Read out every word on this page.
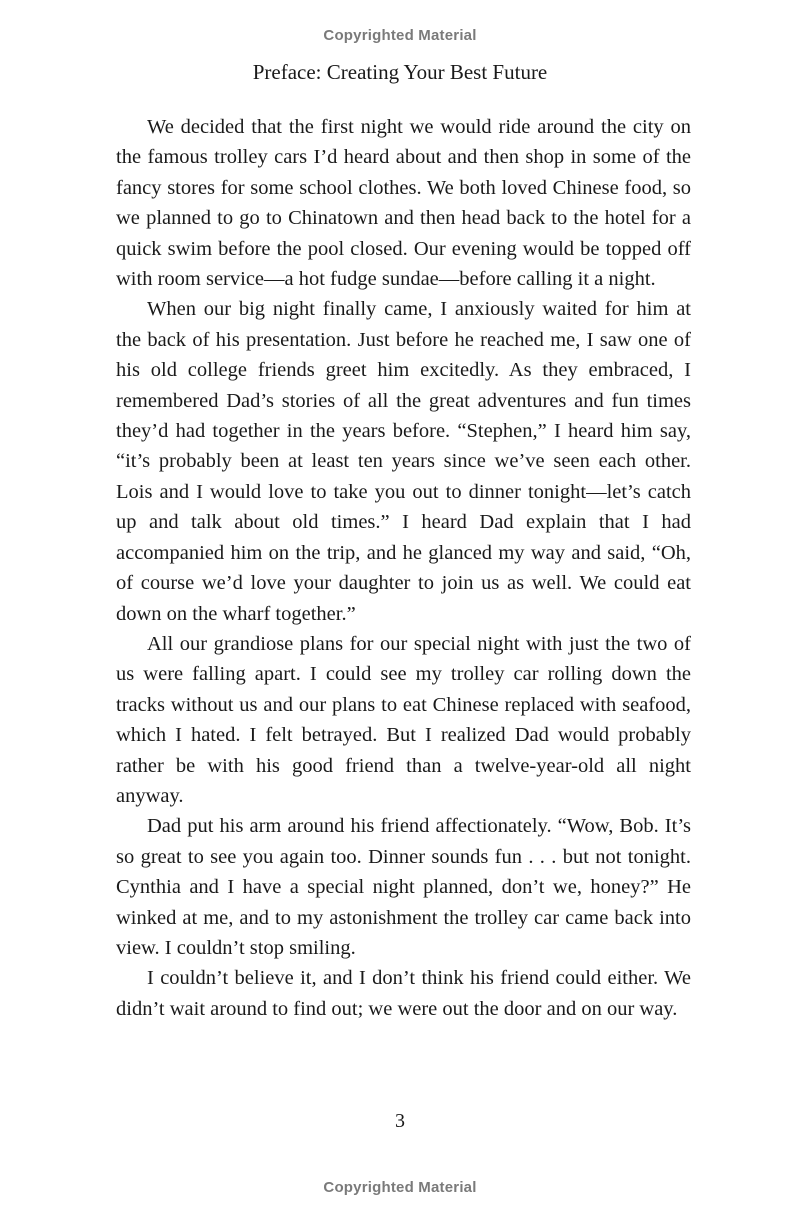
Copyrighted Material
Preface: Creating Your Best Future

We decided that the first night we would ride around the city on the famous trolley cars I’d heard about and then shop in some of the fancy stores for some school clothes. We both loved Chinese food, so we planned to go to Chinatown and then head back to the hotel for a quick swim before the pool closed. Our evening would be topped off with room service—a hot fudge sundae—before calling it a night.

When our big night finally came, I anxiously waited for him at the back of his presentation. Just before he reached me, I saw one of his old college friends greet him excitedly. As they embraced, I remembered Dad’s stories of all the great adventures and fun times they’d had together in the years before. “Stephen,” I heard him say, “it’s probably been at least ten years since we’ve seen each other. Lois and I would love to take you out to dinner tonight—let’s catch up and talk about old times.” I heard Dad explain that I had accompanied him on the trip, and he glanced my way and said, “Oh, of course we’d love your daughter to join us as well. We could eat down on the wharf together.”

All our grandiose plans for our special night with just the two of us were falling apart. I could see my trolley car rolling down the tracks without us and our plans to eat Chinese replaced with seafood, which I hated. I felt betrayed. But I realized Dad would probably rather be with his good friend than a twelve-year-old all night anyway.

Dad put his arm around his friend affectionately. “Wow, Bob. It’s so great to see you again too. Dinner sounds fun . . . but not tonight. Cynthia and I have a special night planned, don’t we, honey?” He winked at me, and to my astonishment the trolley car came back into view. I couldn’t stop smiling.

I couldn’t believe it, and I don’t think his friend could either. We didn’t wait around to find out; we were out the door and on our way.

3
Copyrighted Material
